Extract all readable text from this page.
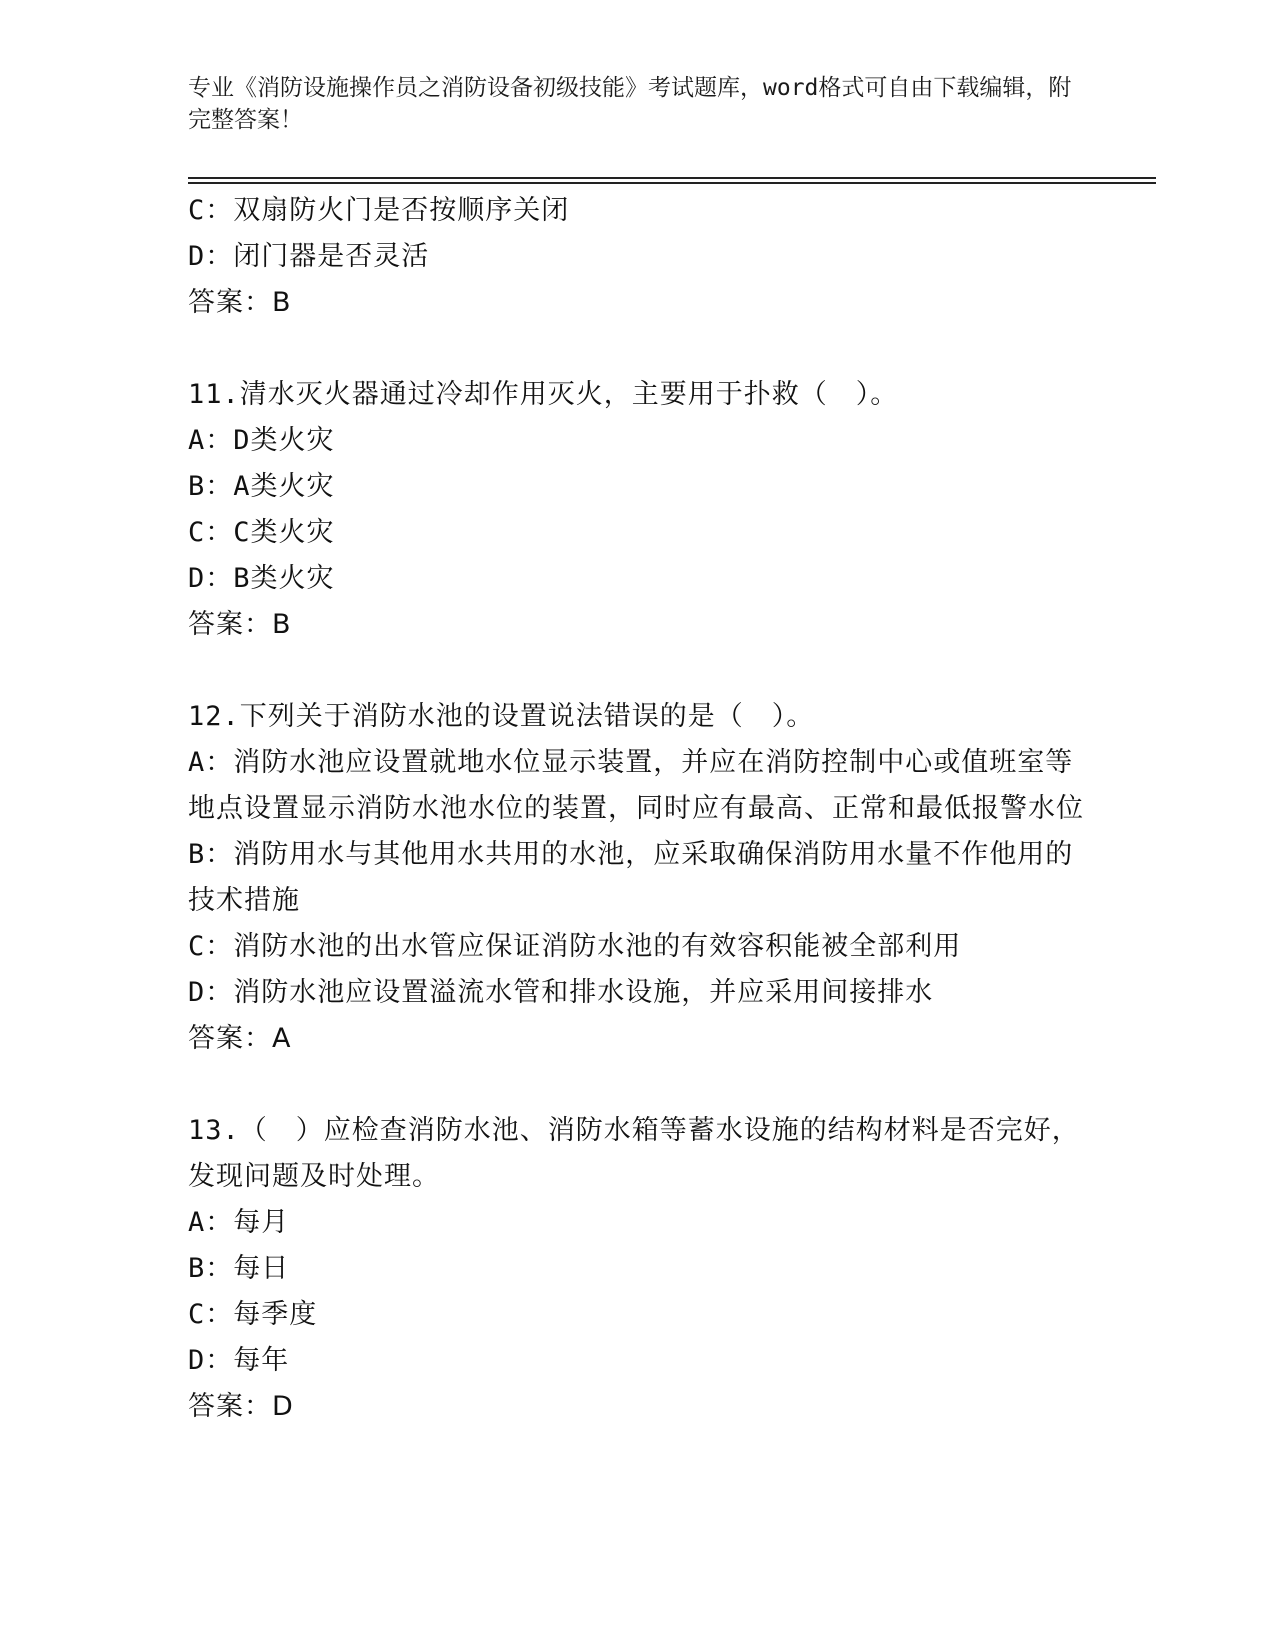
专业《消防设施操作员之消防设备初级技能》考试题库，word格式可自由下载编辑，附完整答案！

C：双扇防火门是否按顺序关闭

D：闭门器是否灵活

答案：B

11.清水灭火器通过冷却作用灭火，主要用于扑救（　）。

A：D类火灾

B：A类火灾

C：C类火灾

D：B类火灾

答案：B

12.下列关于消防水池的设置说法错误的是（　）。

A：消防水池应设置就地水位显示装置，并应在消防控制中心或值班室等地点设置显示消防水池水位的装置，同时应有最高、正常和最低报警水位

B：消防用水与其他用水共用的水池，应采取确保消防用水量不作他用的技术措施

C：消防水池的出水管应保证消防水池的有效容积能被全部利用

D：消防水池应设置溢流水管和排水设施，并应采用间接排水

答案：A

13.（　）应检查消防水池、消防水箱等蓄水设施的结构材料是否完好，发现问题及时处理。

A：每月

B：每日

C：每季度

D：每年

答案：D
